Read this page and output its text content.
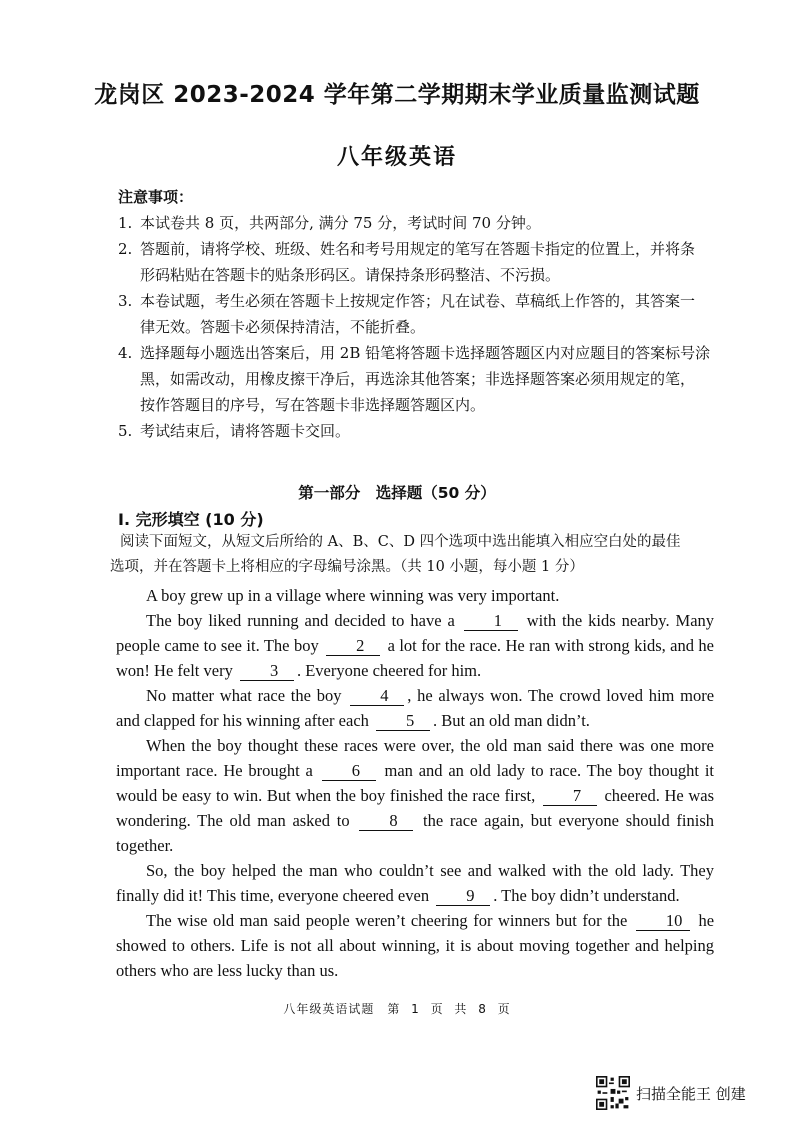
龙岗区 2023-2024 学年第二学期期末学业质量监测试题
八年级英语
注意事项：
1. 本试卷共 8 页，共两部分, 满分 75 分，考试时间 70 分钟。
2. 答题前，请将学校、班级、姓名和考号用规定的笔写在答题卡指定的位置上，并将条
形码粘贴在答题卡的贴条形码区。请保持条形码整洁、不污损。
3. 本卷试题，考生必须在答题卡上按规定作答；凡在试卷、草稿纸上作答的，其答案一
律无效。答题卡必须保持清洁，不能折叠。
4. 选择题每小题选出答案后，用 2B 铅笔将答题卡选择题答题区内对应题目的答案标号涂
黑，如需改动，用橡皮擦干净后，再选涂其他答案；非选择题答案必须用规定的笔，
按作答题目的序号，写在答题卡非选择题答题区内。
5. 考试结束后，请将答题卡交回。
第一部分　选择题（50 分）
I. 完形填空 (10 分)
阅读下面短文，从短文后所给的 A、B、C、D 四个选项中选出能填入相应空白处的最佳
选项，并在答题卡上将相应的字母编号涂黑。（共 10 小题，每小题 1 分）

A boy grew up in a village where winning was very important.

The boy liked running and decided to have a 1 with the kids nearby. Many people came to see it. The boy 2 a lot for the race. He ran with strong kids, and he won! He felt very 3 . Everyone cheered for him.

No matter what race the boy 4 , he always won. The crowd loved him more and clapped for his winning after each 5 . But an old man didn’t.

When the boy thought these races were over, the old man said there was one more important race. He brought a 6 man and an old lady to race. The boy thought it would be easy to win. But when the boy finished the race first, 7 cheered. He was wondering. The old man asked to 8 the race again, but everyone should finish together.

So, the boy helped the man who couldn’t see and walked with the old lady. They finally did it! This time, everyone cheered even 9 . The boy didn’t understand.

The wise old man said people weren’t cheering for winners but for the 10 he showed to others. Life is not all about winning, it is about moving together and helping others who are less lucky than us.

八年级英语试题　第 1 页 共 8 页
扫描全能王 创建
